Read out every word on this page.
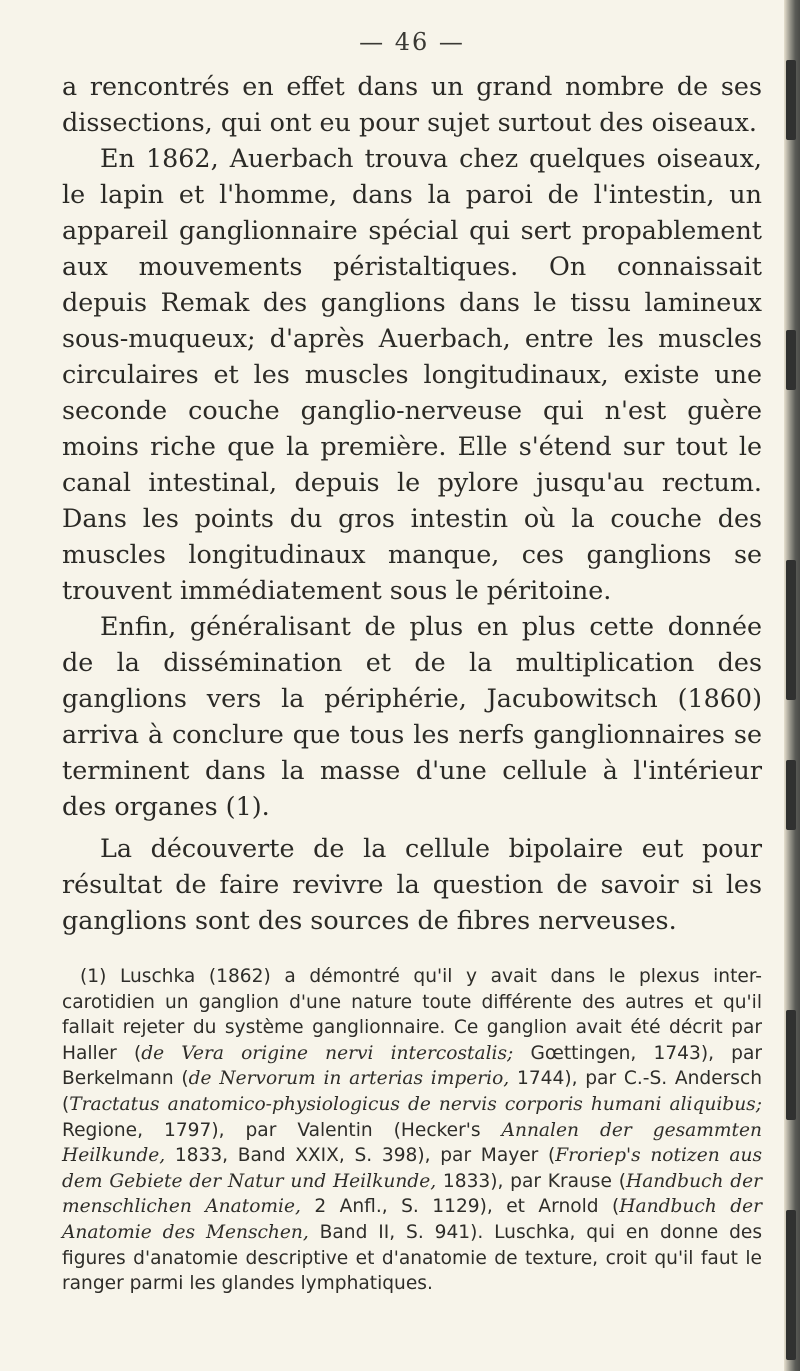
— 46 —

a rencontrés en effet dans un grand nombre de ses dissections, qui ont eu pour sujet surtout des oiseaux.

En 1862, Auerbach trouva chez quelques oiseaux, le lapin et l'homme, dans la paroi de l'intestin, un appareil ganglionnaire spécial qui sert propablement aux mouvements péristaltiques. On connaissait depuis Remak des ganglions dans le tissu lamineux sous-muqueux; d'après Auerbach, entre les muscles circulaires et les muscles longitudinaux, existe une seconde couche ganglio-nerveuse qui n'est guère moins riche que la première. Elle s'étend sur tout le canal intestinal, depuis le pylore jusqu'au rectum. Dans les points du gros intestin où la couche des muscles longitudinaux manque, ces ganglions se trouvent immédiatement sous le péritoine.

Enfin, généralisant de plus en plus cette donnée de la dissémination et de la multiplication des ganglions vers la périphérie, Jacubowitsch (1860) arriva à conclure que tous les nerfs ganglionnaires se terminent dans la masse d'une cellule à l'intérieur des organes (1).

La découverte de la cellule bipolaire eut pour résultat de faire revivre la question de savoir si les ganglions sont des sources de fibres nerveuses.

(1) Luschka (1862) a démontré qu'il y avait dans le plexus inter-carotidien un ganglion d'une nature toute différente des autres et qu'il fallait rejeter du système ganglionnaire. Ce ganglion avait été décrit par Haller (de Vera origine nervi intercostalis; Gœttingen, 1743), par Berkelmann (de Nervorum in arterias imperio, 1744), par C.-S. Andersch (Tractatus anatomico-physiologicus de nervis corporis humani aliquibus; Regione, 1797), par Valentin (Hecker's Annalen der gesammten Heilkunde, 1833, Band XXIX, S. 398), par Mayer (Froriep's notizen aus dem Gebiete der Natur und Heilkunde, 1833), par Krause (Handbuch der menschlichen Anatomie, 2 Anfl., S. 1129), et Arnold (Handbuch der Anatomie des Menschen, Band II, S. 941). Luschka, qui en donne des figures d'anatomie descriptive et d'anatomie de texture, croit qu'il faut le ranger parmi les glandes lymphatiques.
